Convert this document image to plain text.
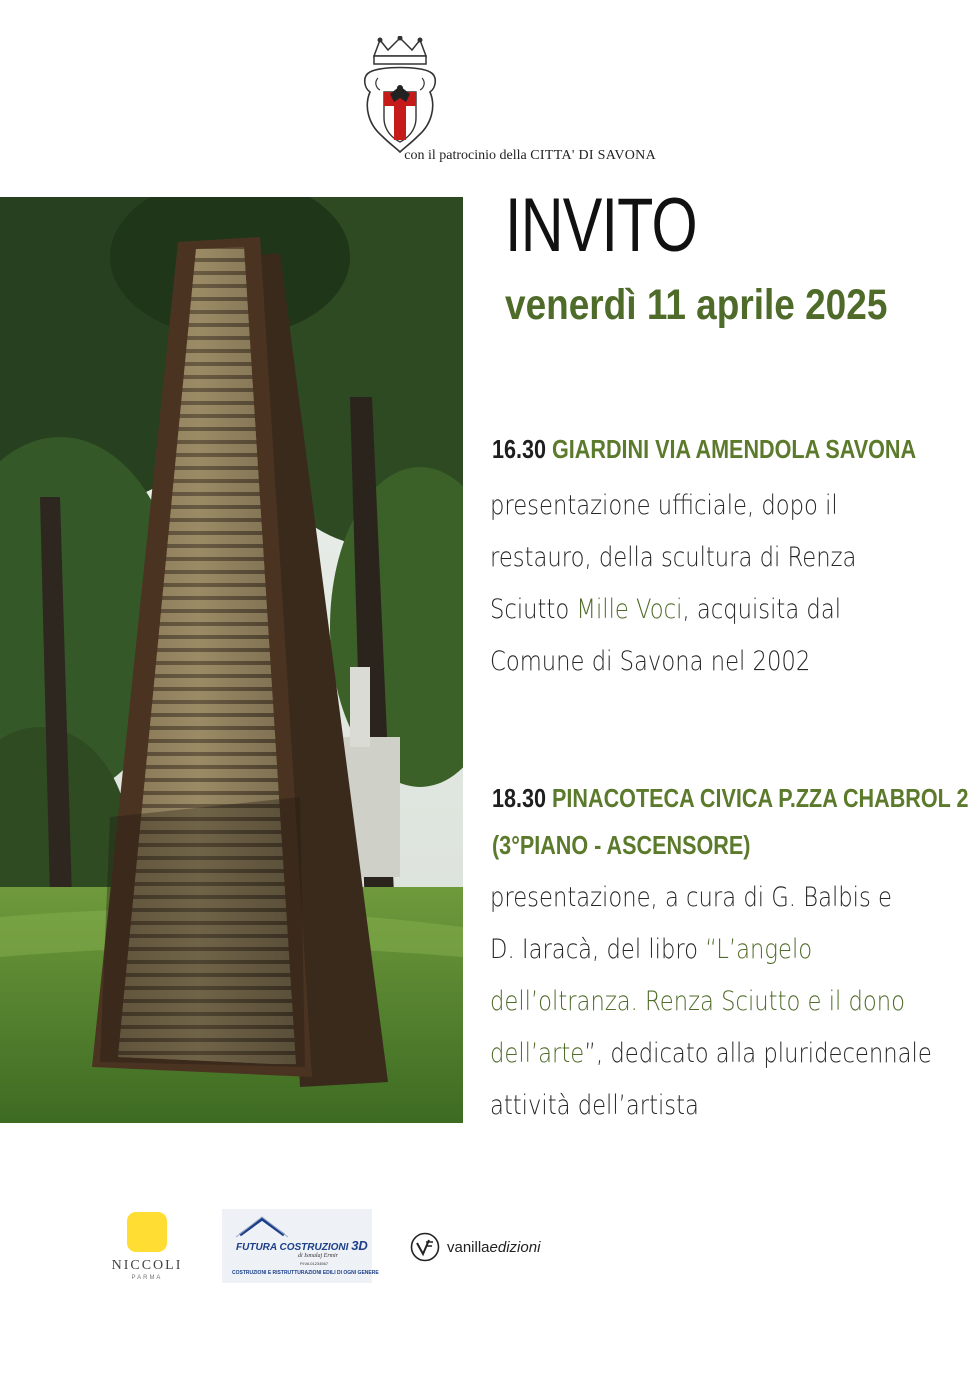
con il patrocinio della CITTA' DI SAVONA
INVITO
venerdì 11 aprile 2025
16.30 GIARDINI VIA AMENDOLA SAVONA
presentazione ufficiale, dopo il
restauro, della scultura di Renza
Sciutto Mille Voci, acquisita dal
Comune di Savona nel 2002
18.30 PINACOTECA CIVICA P.ZZA CHABROL 2
(3°PIANO - ASCENSORE)
presentazione, a cura di G. Balbis e
D. Iaracà, del libro “L’angelo
dell’oltranza. Renza Sciutto e il dono
dell’arte”, dedicato alla pluridecennale
attività dell’artista
NICCOLI
PARMA
FUTURA COSTRUZIONI 3D
di Ismalaj Ermir
P.IVA 01234567
COSTRUZIONI E RISTRUTTURAZIONI EDILI DI OGNI GENERE
vanillaedizioni
